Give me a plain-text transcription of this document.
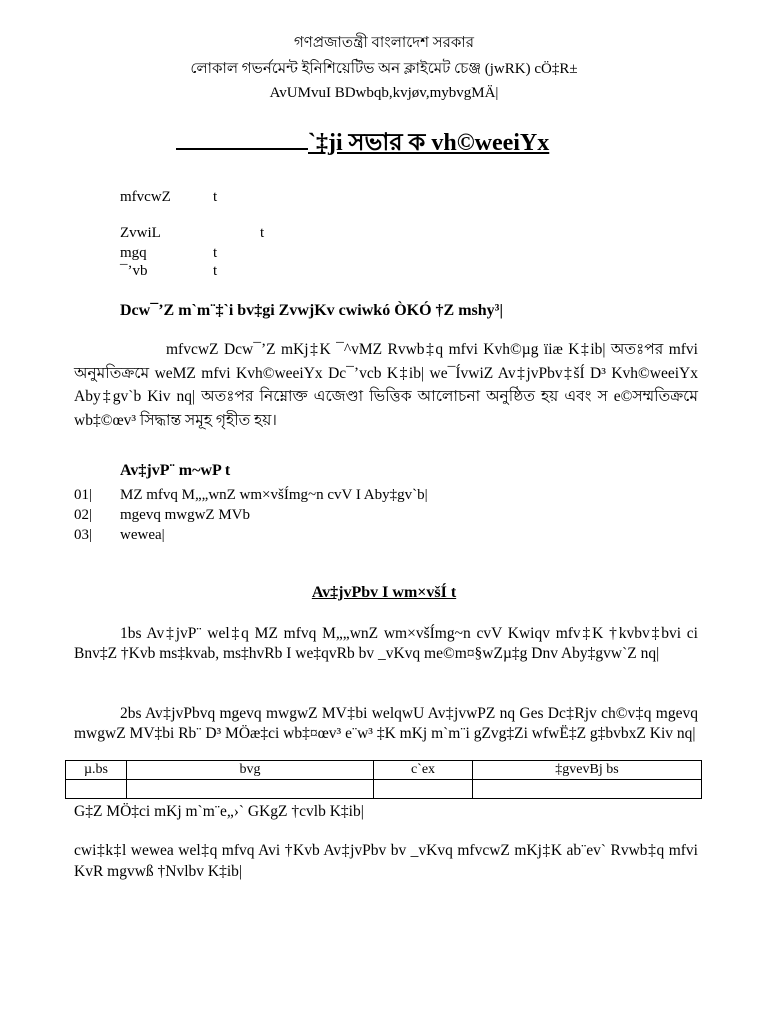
গণপ্রজাতন্ত্রী বাংলাদেশ সরকার
লোকাল গভর্নমেন্ট ইনিশিয়েটিভ অন ক্লাইমেট চেঞ্জ (jwRK) cÖ‡R±
AvUMvuI BDwbqb,kvjøv,mybvgMÄ|
`‡ji সভার ক vh©weeiYx
mfvcwZ	t
ZvwiL	t
mgq	t
¯’vb	t
Dcw¯’Z m`m¨‡`i bv‡gi ZvwjKv cwiwkó ÒKÓ †Z mshy³|
mfvcwZ Dcw¯’Z mKj‡K ¯^vMZ Rvwb‡q mfvi Kvh©µg ïiæ K‡ib| অতঃপর mfvi অনুমতিক্রমে weMZ mfvi Kvh©weeiYx Dc¯’vcb K‡ib| we¯ÍvwiZ Av‡jvPbv‡šÍ D³ Kvh©weeiYx Aby‡gv`b Kiv nq| অতঃপর নিম্নোক্ত এজেণ্ডা ভিত্তিক আলোচনা অনুষ্ঠিত হয় এবং স e©সম্মতিক্রমে wb‡©œv³ সিদ্ধান্ত সমূহ গৃহীত হয়।
Av‡jvP¨ m~wP t
01| MZ mfvq M„„wnZ wm×všÍmg~n cvV I Aby‡gv`b|
02| mgevq mwgwZ MVb
03| wewea|
Av‡jvPbv I wm×všÍ t
1bs Av‡jvP¨ wel‡q MZ mfvq M„„wnZ wm×všÍmg~n cvV Kwiqv mfv‡K †kvbv‡bvi ci Bnv‡Z †Kvb ms‡kvab, ms‡hvRb I we‡qvRb bv _vKvq me©m¤§wZµ‡g Dnv Aby‡gvw`Z nq|
2bs Av‡jvPbvq mgevq mwgwZ MV‡bi welqwU Av‡jvwPZ nq Ges Dc‡Rjv ch©v‡q mgevq mwgwZ MV‡bi Rb¨ D³ MÖæ‡ci wb‡¤œv³ e¨w³ ‡K mKj m`m¨i gZvg‡Zi wfwË‡Z g‡bvbxZ Kiv nq|
µ.bs	bvg	c`ex	‡gvevBj bs

G‡Z MÖ‡ci mKj m`m¨e„›` GKgZ †cvlb K‡ib|
cwi‡k‡l wewea wel‡q mfvq Avi †Kvb Av‡jvPbv bv _vKvq mfvcwZ mKj‡K ab¨ev` Rvwb‡q mfvi KvR mgvwß †Nvlbv K‡ib|
